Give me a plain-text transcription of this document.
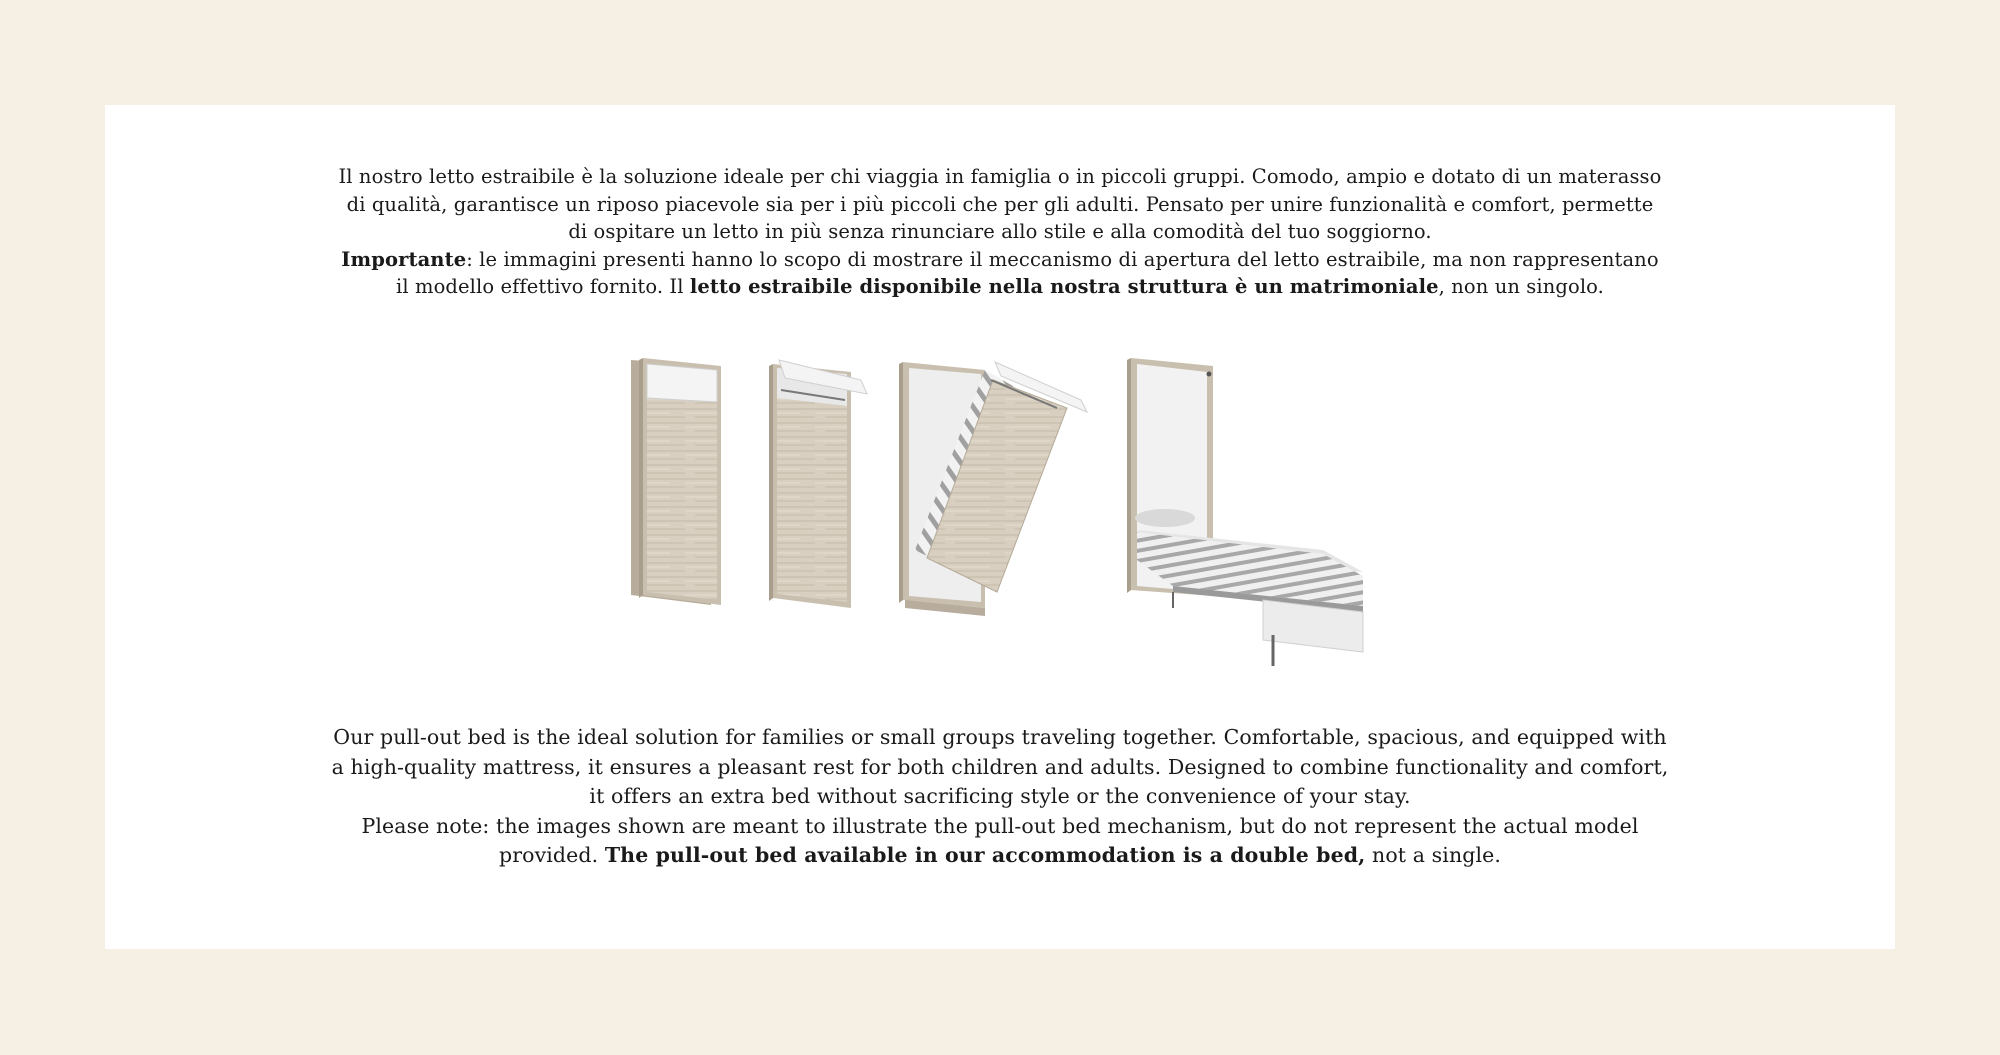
Il nostro letto estraibile è la soluzione ideale per chi viaggia in famiglia o in piccoli gruppi. Comodo, ampio e dotato di un materasso di qualità, garantisce un riposo piacevole sia per i più piccoli che per gli adulti. Pensato per unire funzionalità e comfort, permette di ospitare un letto in più senza rinunciare allo stile e alla comodità del tuo soggiorno.

Importante: le immagini presenti hanno lo scopo di mostrare il meccanismo di apertura del letto estraibile, ma non rappresentano il modello effettivo fornito. Il letto estraibile disponibile nella nostra struttura è un matrimoniale, non un singolo.

Our pull-out bed is the ideal solution for families or small groups traveling together. Comfortable, spacious, and equipped with a high-quality mattress, it ensures a pleasant rest for both children and adults. Designed to combine functionality and comfort, it offers an extra bed without sacrificing style or the convenience of your stay.

Please note: the images shown are meant to illustrate the pull-out bed mechanism, but do not represent the actual model provided. The pull-out bed available in our accommodation is a double bed, not a single.
